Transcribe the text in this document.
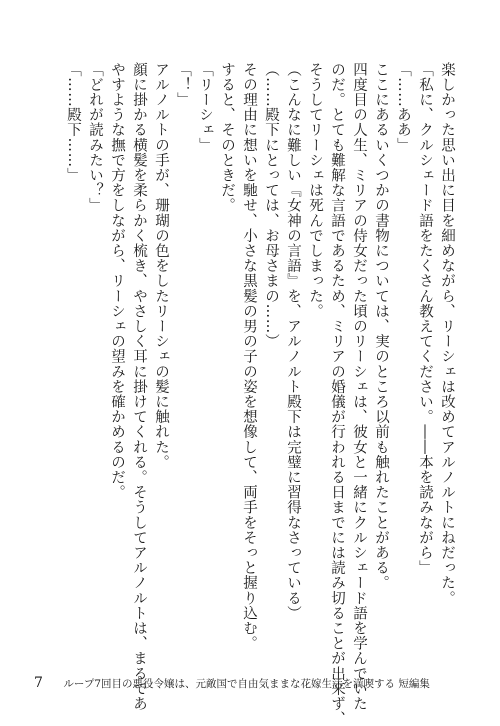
楽しかった思い出に目を細めながら、リーシェは改めてアルノルトにねだった。
「私に、クルシェード語をたくさん教えてください。――本を読みながら」
「……ああ」
ここにあるいくつかの書物については、実のところ以前も触れたことがある。
四度目の人生、ミリアの侍女だった頃のリーシェは、彼女と一緒にクルシェード語を学んでいた
のだ。とても難解な言語であるため、ミリアの婚儀が行われる日までには読み切ることが出来ず、
そうしてリーシェは死んでしまった。
（こんなに難しい『女神の言語』を、アルノルト殿下は完璧に習得なさっている）
（……殿下にとっては、お母さまの……）
その理由に想いを馳せ、小さな黒髪の男の子の姿を想像して、両手をそっと握り込む。
すると、そのときだ。
「リーシェ」
「！」
アルノルトの手が、珊瑚の色をしたリーシェの髪に触れた。
顔に掛かる横髪を柔らかく梳き、やさしく耳に掛けてくれる。そうしてアルノルトは、まるであ
やすような撫で方をしながら、リーシェの望みを確かめるのだ。
「どれが読みたい？」
「……殿下……」
7 ループ7回目の悪役令嬢は、元敵国で自由気ままな花嫁生活を満喫する 短編集
